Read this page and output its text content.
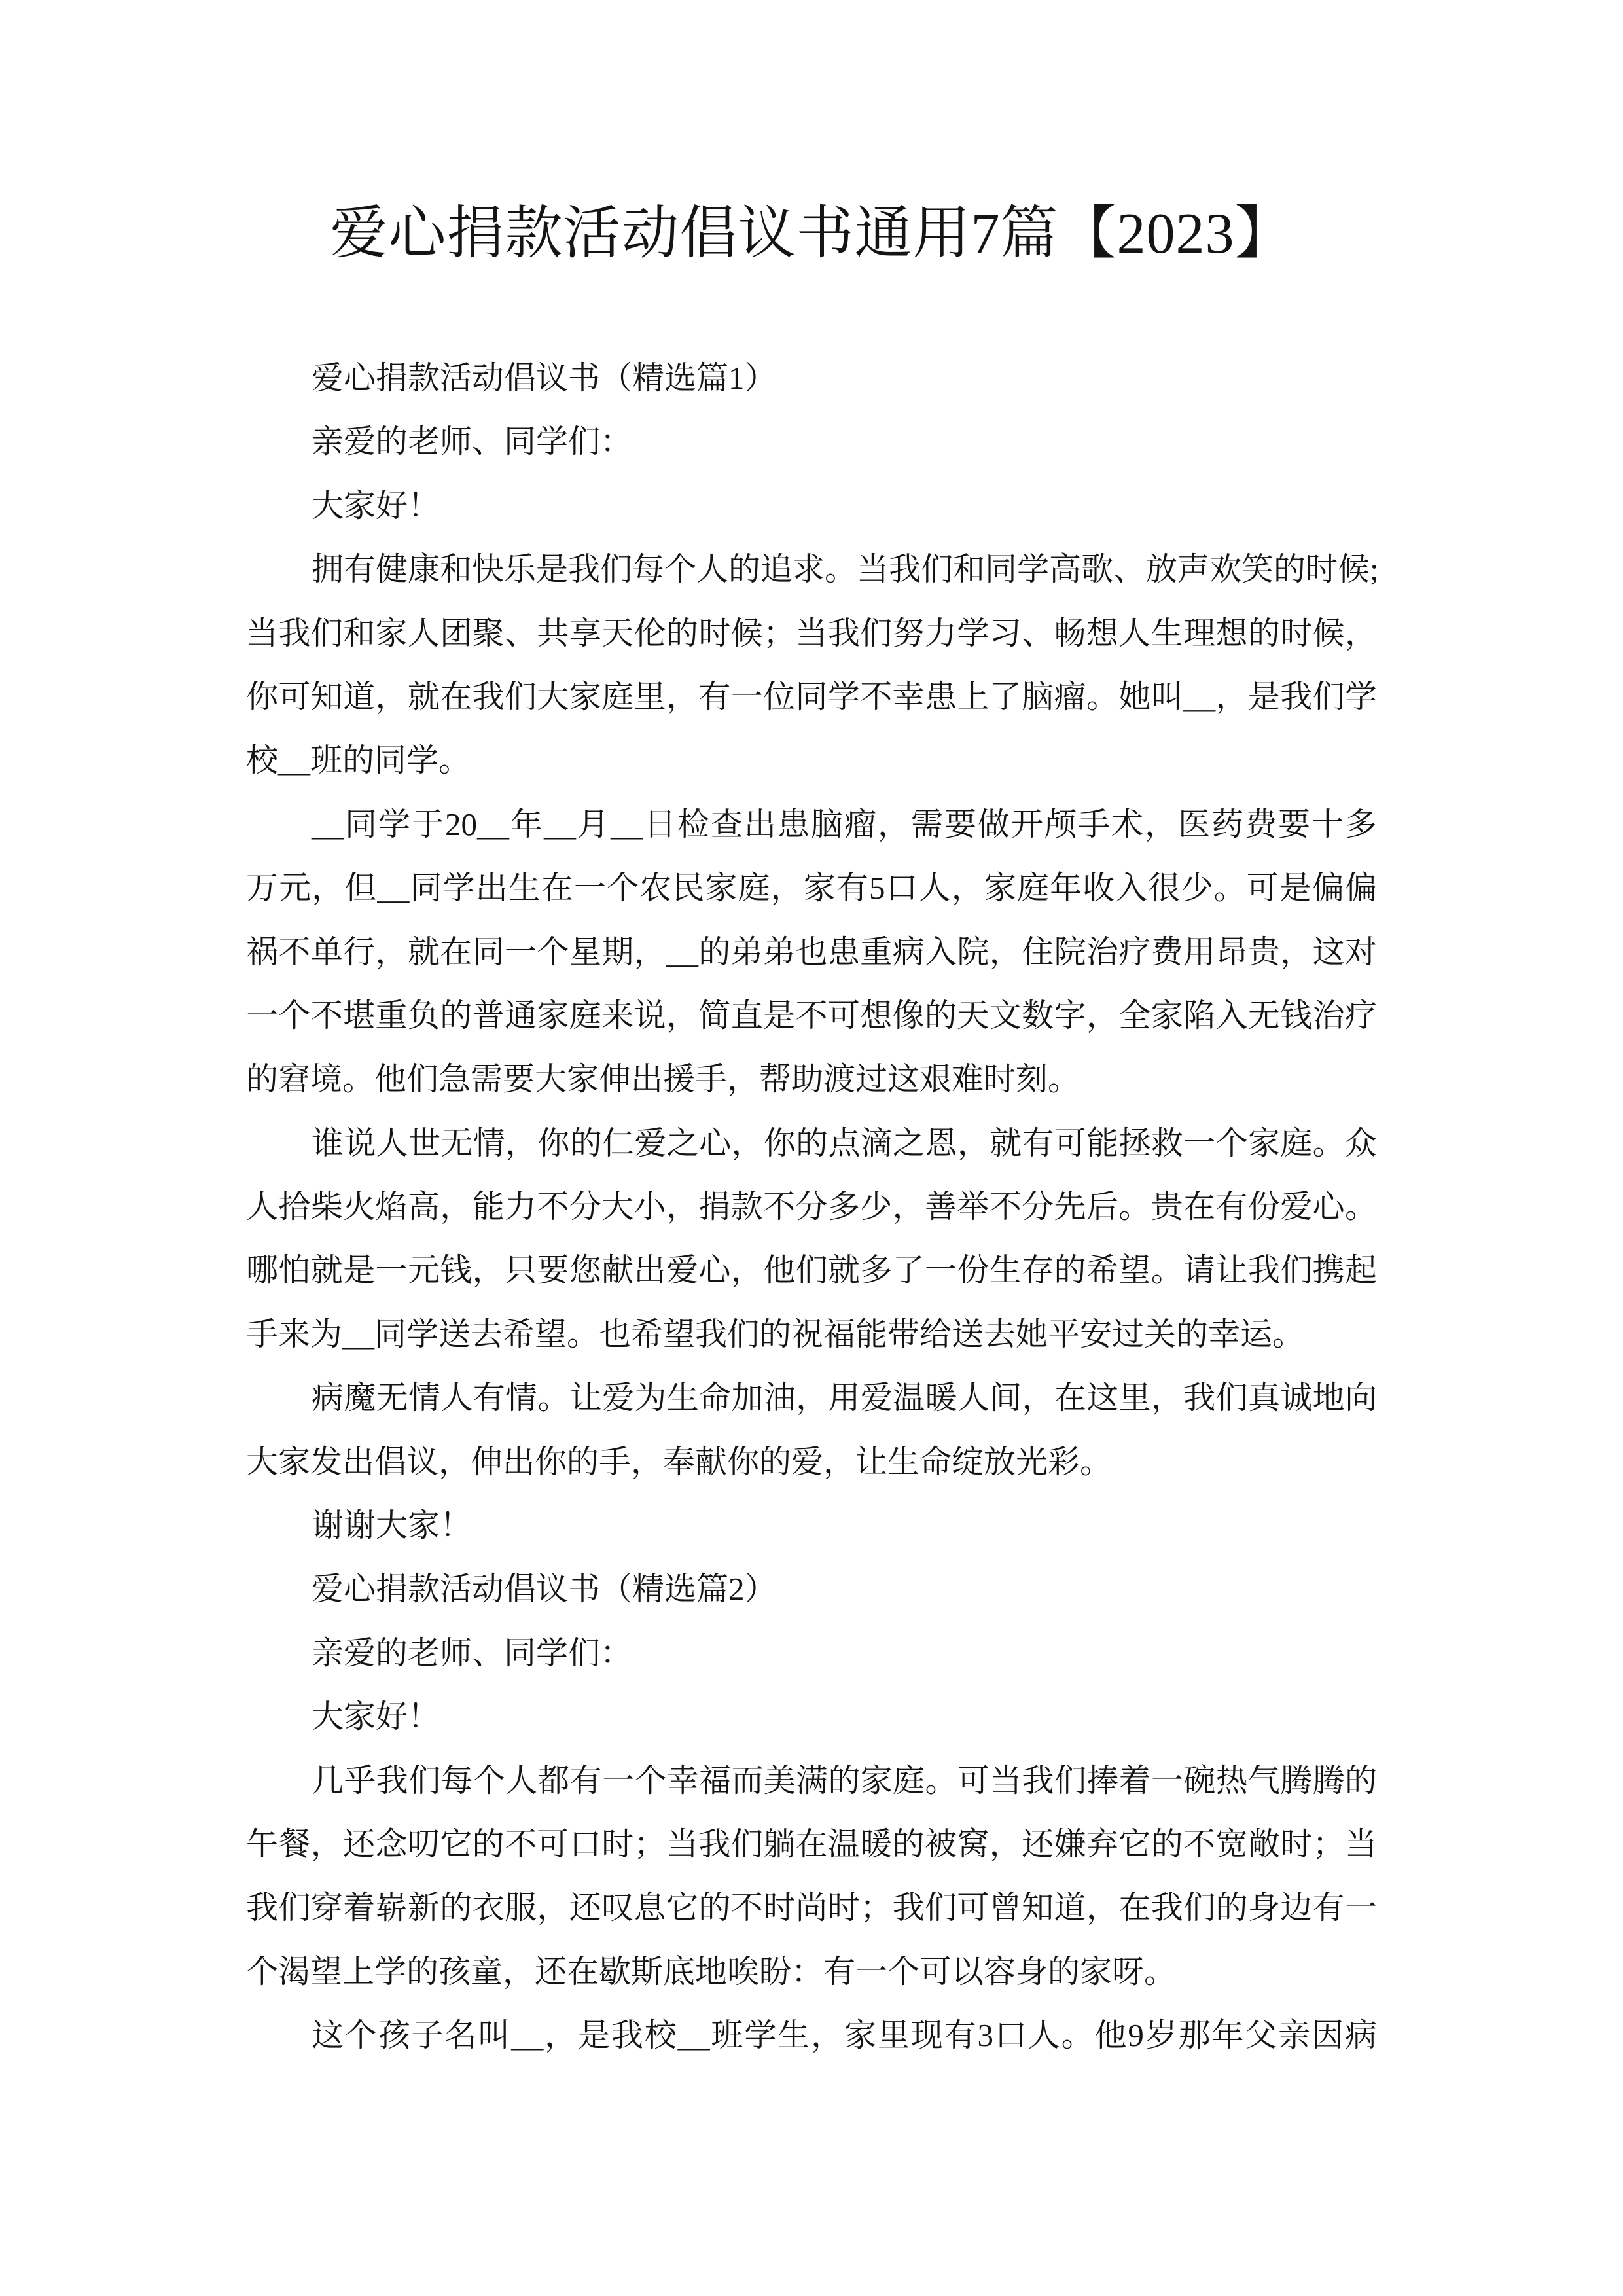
爱心捐款活动倡议书通用7篇【2023】
爱心捐款活动倡议书（精选篇1）
亲爱的老师、同学们：
大家好！
拥有健康和快乐是我们每个人的追求。当我们和同学高歌、放声欢笑的时候;
当我们和家人团聚、共享天伦的时候；当我们努力学习、畅想人生理想的时候，
你可知道，就在我们大家庭里，有一位同学不幸患上了脑瘤。她叫__，是我们学
校__班的同学。
__同学于20__年__月__日检查出患脑瘤，需要做开颅手术，医药费要十多
万元，但__同学出生在一个农民家庭，家有5口人，家庭年收入很少。可是偏偏
祸不单行，就在同一个星期，__的弟弟也患重病入院，住院治疗费用昂贵，这对
一个不堪重负的普通家庭来说，简直是不可想像的天文数字，全家陷入无钱治疗
的窘境。他们急需要大家伸出援手，帮助渡过这艰难时刻。
谁说人世无情，你的仁爱之心，你的点滴之恩，就有可能拯救一个家庭。众
人拾柴火焰高，能力不分大小，捐款不分多少，善举不分先后。贵在有份爱心。
哪怕就是一元钱，只要您献出爱心，他们就多了一份生存的希望。请让我们携起
手来为__同学送去希望。也希望我们的祝福能带给送去她平安过关的幸运。
病魔无情人有情。让爱为生命加油，用爱温暖人间，在这里，我们真诚地向
大家发出倡议，伸出你的手，奉献你的爱，让生命绽放光彩。
谢谢大家！
爱心捐款活动倡议书（精选篇2）
亲爱的老师、同学们：
大家好！
几乎我们每个人都有一个幸福而美满的家庭。可当我们捧着一碗热气腾腾的
午餐，还念叨它的不可口时；当我们躺在温暖的被窝，还嫌弃它的不宽敞时；当
我们穿着崭新的衣服，还叹息它的不时尚时；我们可曾知道，在我们的身边有一
个渴望上学的孩童，还在歇斯底地唉盼：有一个可以容身的家呀。
这个孩子名叫__，是我校__班学生，家里现有3口人。他9岁那年父亲因病
